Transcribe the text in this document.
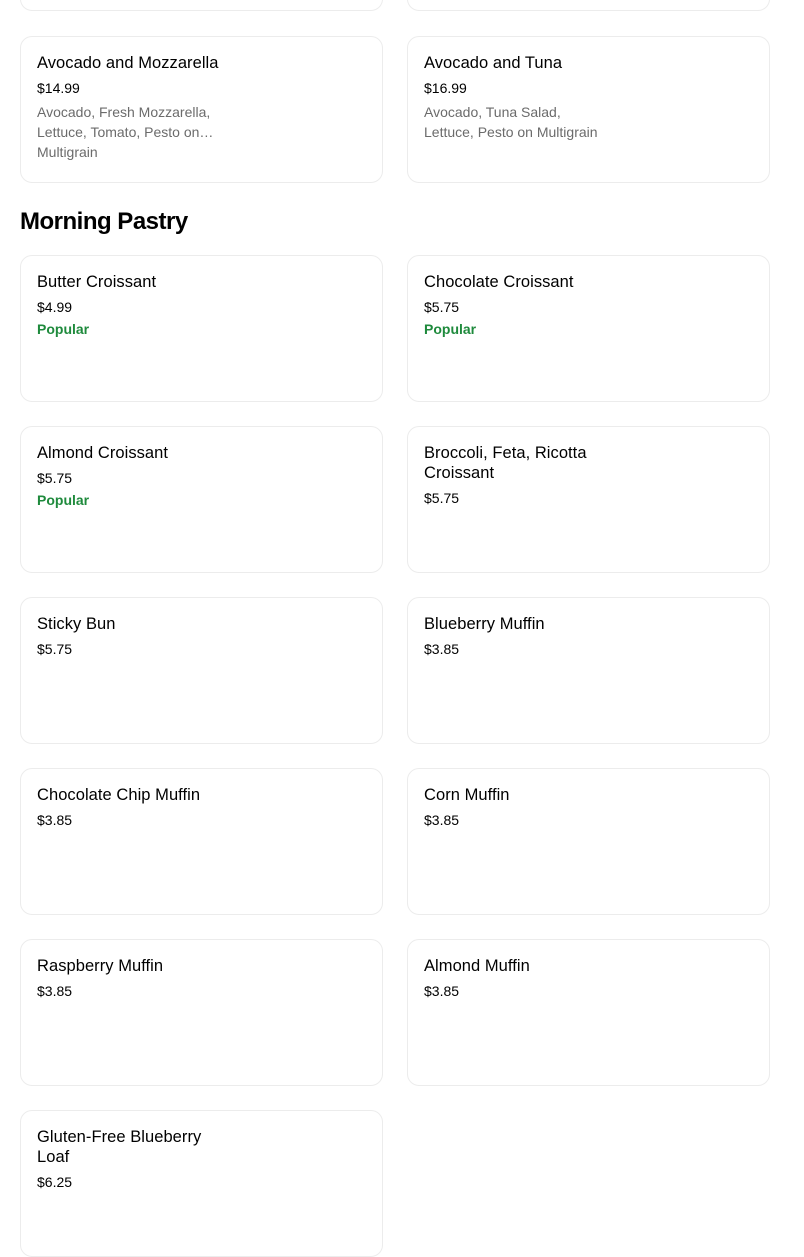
Avocado and Mozzarella
$14.99
Avocado, Fresh Mozzarella, Lettuce, Tomato, Pesto on Multigrain
Avocado and Tuna
$16.99
Avocado, Tuna Salad, Lettuce, Pesto on Multigrain
Morning Pastry
Butter Croissant
$4.99
Popular
Chocolate Croissant
$5.75
Popular
Almond Croissant
$5.75
Popular
Broccoli, Feta, Ricotta Croissant
$5.75
Sticky Bun
$5.75
Blueberry Muffin
$3.85
Chocolate Chip Muffin
$3.85
Corn Muffin
$3.85
Raspberry Muffin
$3.85
Almond Muffin
$3.85
Gluten-Free Blueberry Loaf
$6.25
